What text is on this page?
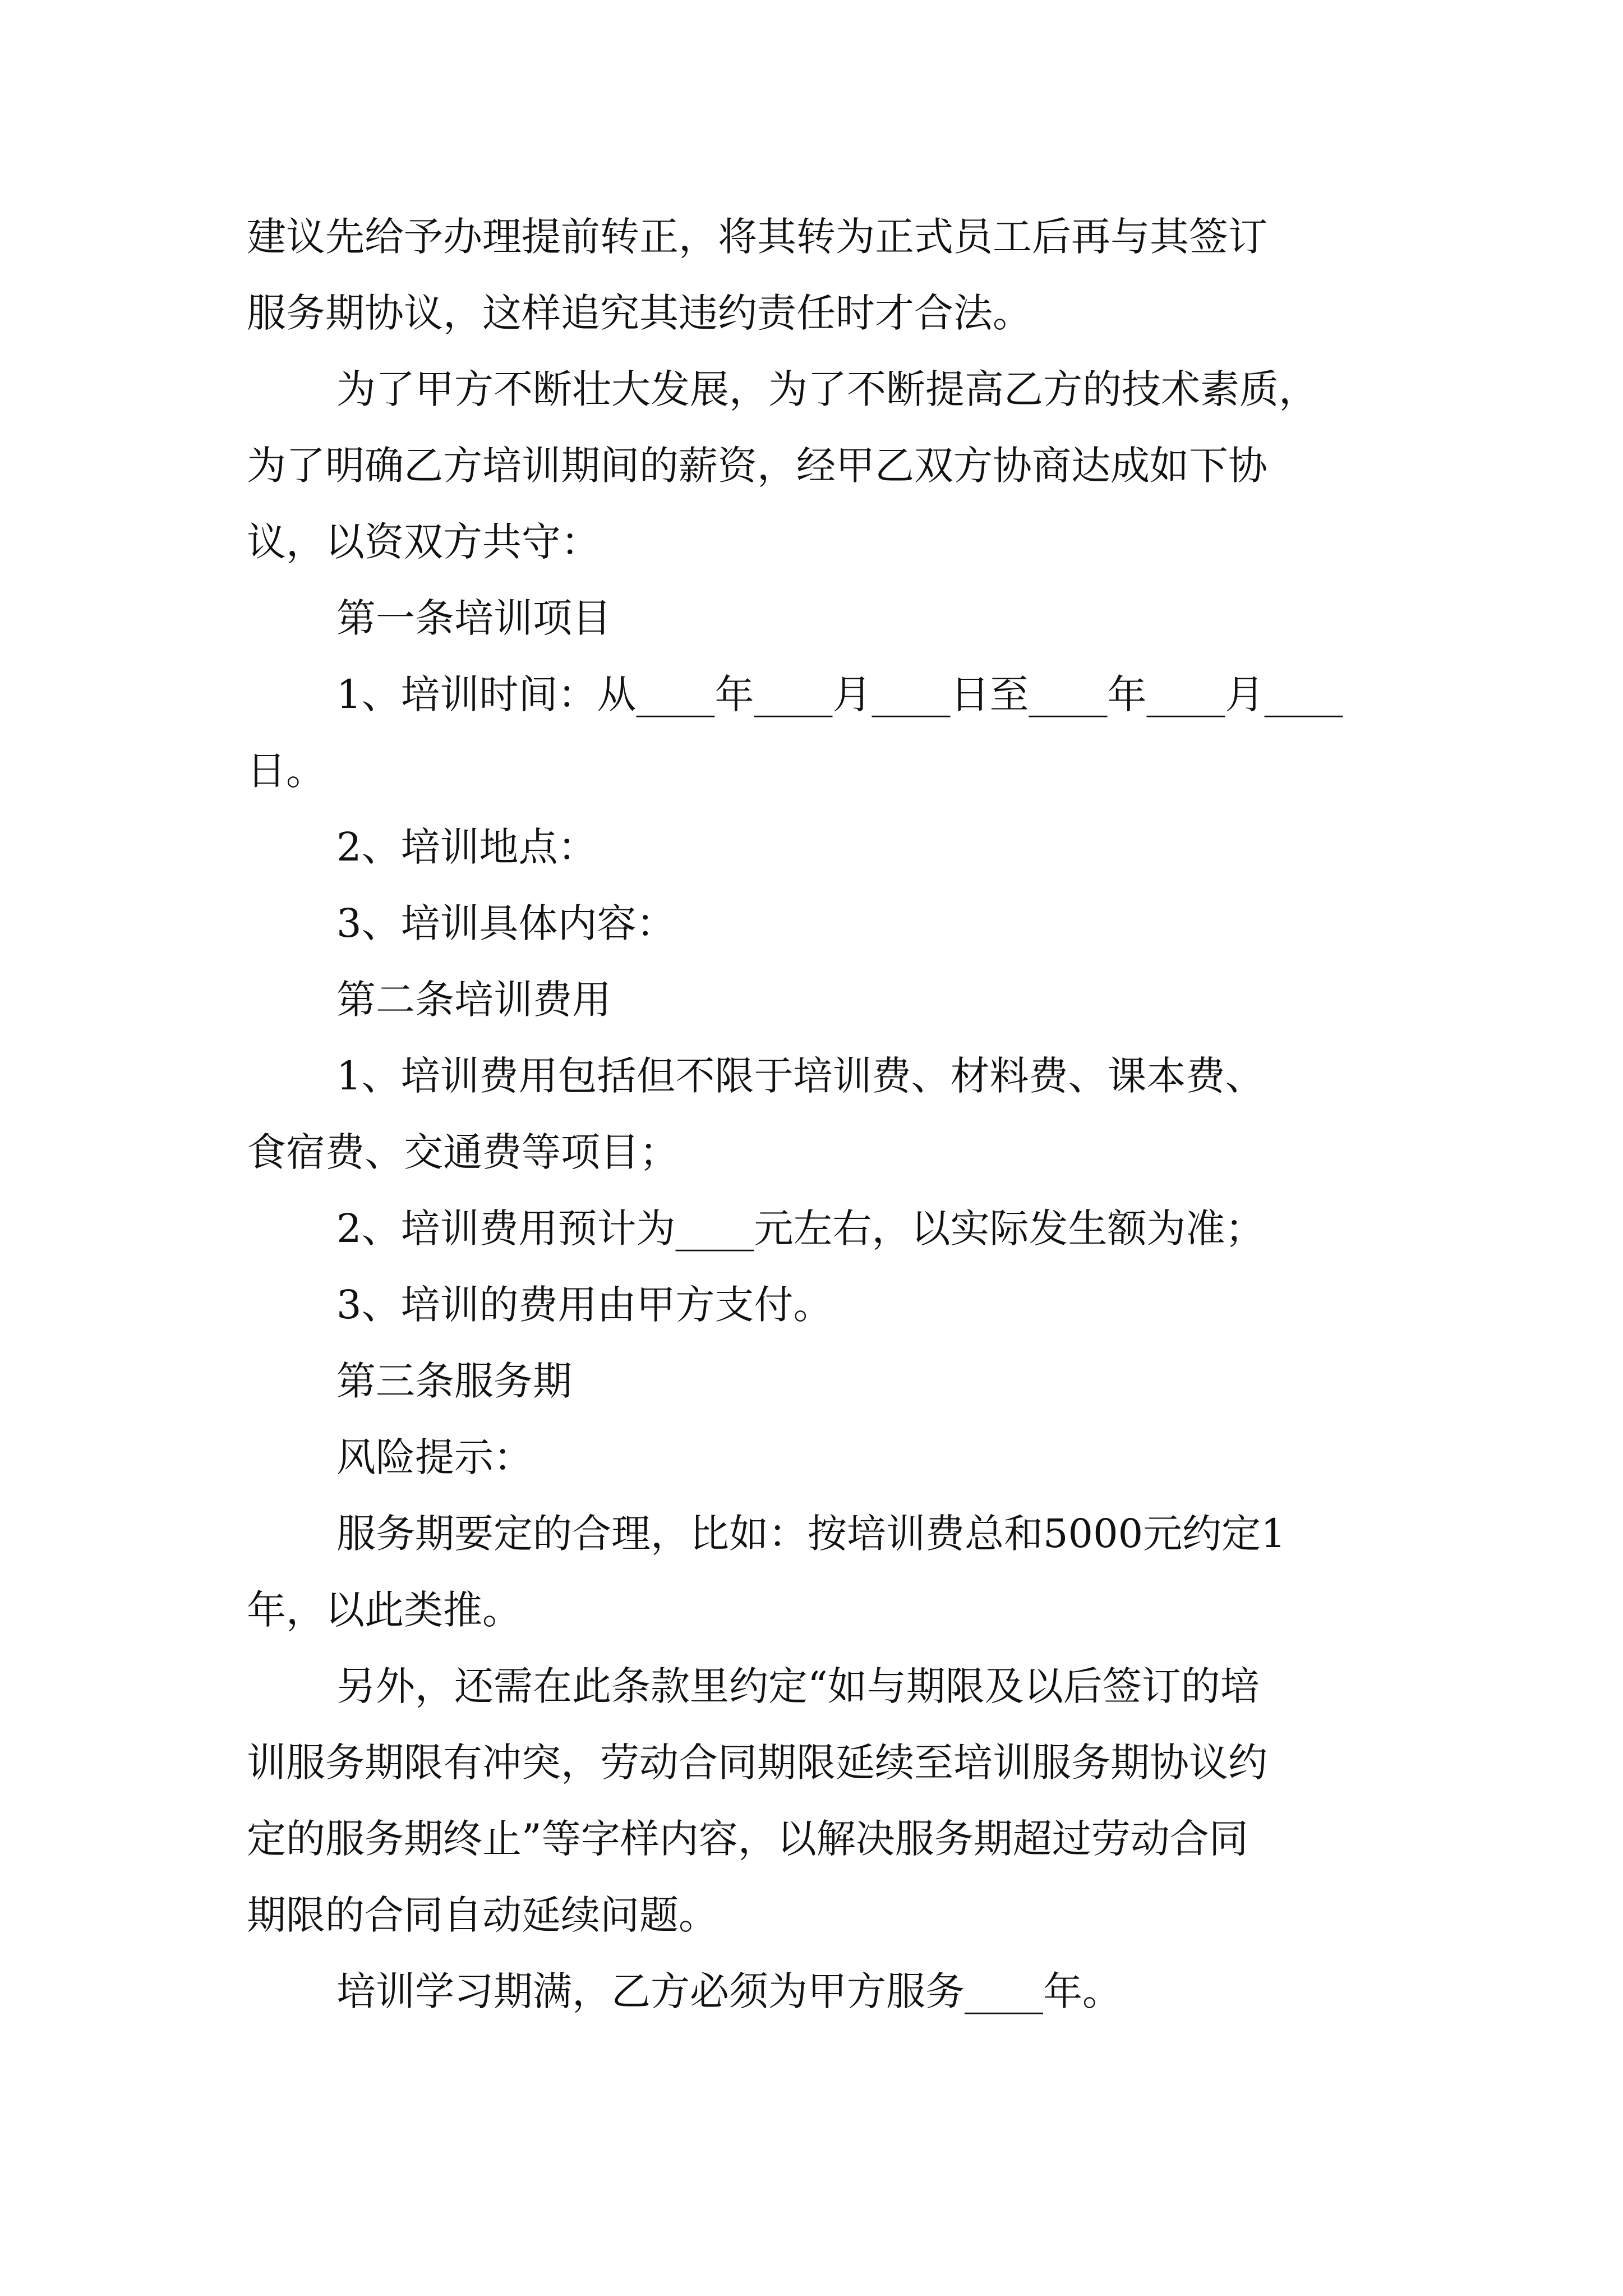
建议先给予办理提前转正，将其转为正式员工后再与其签订
服务期协议，这样追究其违约责任时才合法。
为了甲方不断壮大发展，为了不断提高乙方的技术素质，
为了明确乙方培训期间的薪资，经甲乙双方协商达成如下协
议，以资双方共守：
第一条培训项目
1、培训时间：从____年____月____日至____年____月____
日。
2、培训地点：
3、培训具体内容：
第二条培训费用
1、培训费用包括但不限于培训费、材料费、课本费、
食宿费、交通费等项目；
2、培训费用预计为____元左右，以实际发生额为准；
3、培训的费用由甲方支付。
第三条服务期
风险提示：
服务期要定的合理，比如：按培训费总和5000元约定1
年，以此类推。
另外，还需在此条款里约定“如与期限及以后签订的培
训服务期限有冲突，劳动合同期限延续至培训服务期协议约
定的服务期终止”等字样内容，以解决服务期超过劳动合同
期限的合同自动延续问题。
培训学习期满，乙方必须为甲方服务____年。
